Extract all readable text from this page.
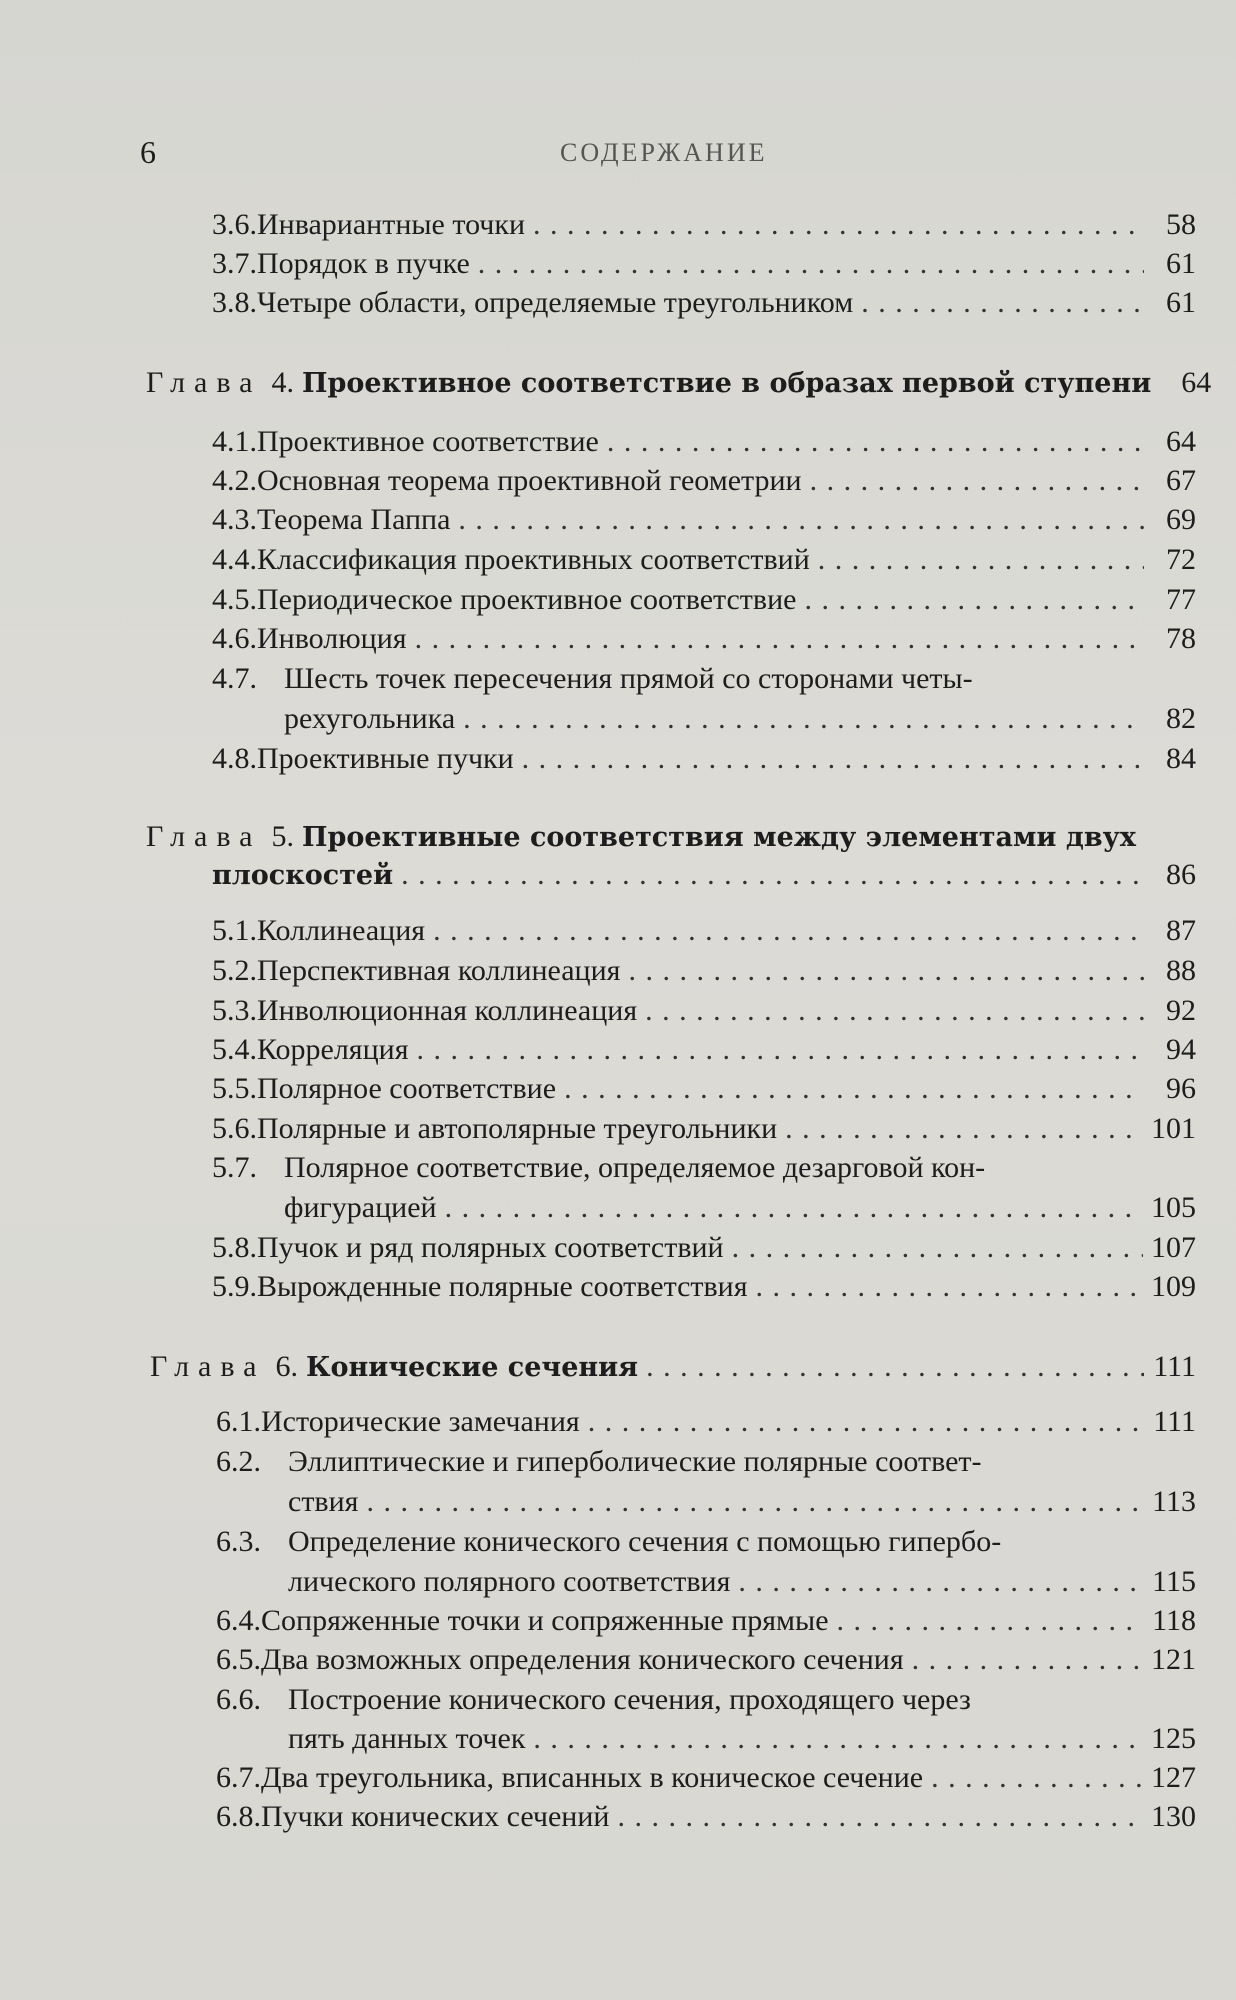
6	СОДЕРЖАНИЕ
3.6. Инвариантные точки . . .	58
3.7. Порядок в пучке . . .	61
3.8. Четыре области, определяемые треугольником . . .	61
Глава 4. Проективное соответствие в образах первой ступени	64
4.1. Проективное соответствие . . .	64
4.2. Основная теорема проективной геометрии . . .	67
4.3. Теорема Паппа . . .	69
4.4. Классификация проективных соответствий . . .	72
4.5. Периодическое проективное соответствие . . .	77
4.6. Инволюция . . .	78
4.7. Шесть точек пересечения прямой со сторонами четы-
рехугольника . . .	82
4.8. Проективные пучки . . .	84
Глава 5. Проективные соответствия между элементами двух
плоскостей . . .	86
5.1. Коллинеация . . .	87
5.2. Перспективная коллинеация . . .	88
5.3. Инволюционная коллинеация . . .	92
5.4. Корреляция . . .	94
5.5. Полярное соответствие . . .	96
5.6. Полярные и автополярные треугольники . . .	101
5.7. Полярное соответствие, определяемое дезарговой кон-
фигурацией . . .	105
5.8. Пучок и ряд полярных соответствий . . .	107
5.9. Вырожденные полярные соответствия . . .	109
Глава 6. Конические сечения . . .	111
6.1. Исторические замечания . . .	111
6.2. Эллиптические и гиперболические полярные соответ-
ствия . . .	113
6.3. Определение конического сечения с помощью гипербо-
лического полярного соответствия . . .	115
6.4. Сопряженные точки и сопряженные прямые . . .	118
6.5. Два возможных определения конического сечения . . .	121
6.6. Построение конического сечения, проходящего через
пять данных точек . . .	125
6.7. Два треугольника, вписанных в коническое сечение . . .	127
6.8. Пучки конических сечений . . .	130
